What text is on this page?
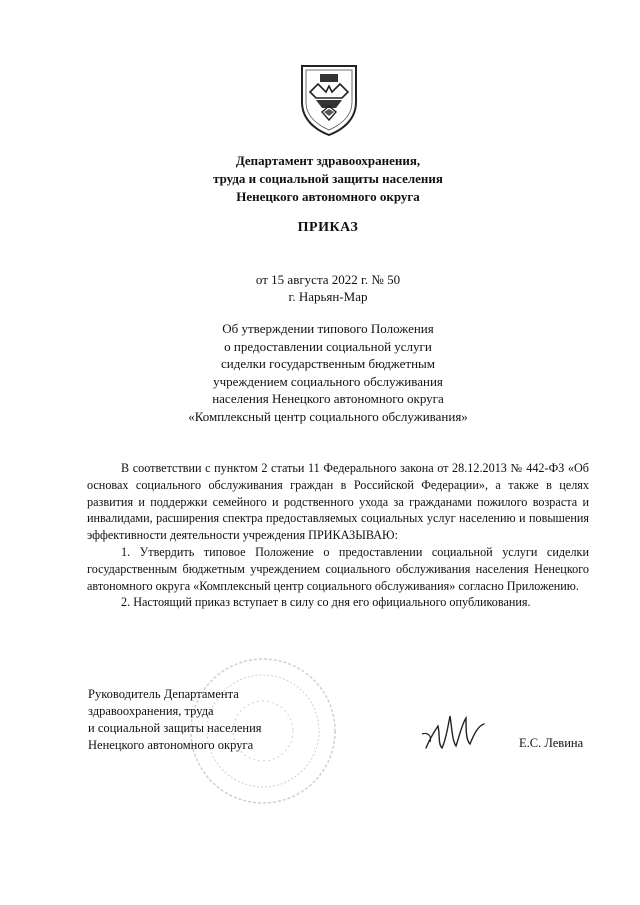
Департамент здравоохранения,
труда и социальной защиты населения
Ненецкого автономного округа
ПРИКАЗ
от 15 августа 2022 г. № 50
г. Нарьян-Мар
Об утверждении типового Положения
о предоставлении социальной услуги
сиделки государственным бюджетным
учреждением социального обслуживания
населения Ненецкого автономного округа
«Комплексный центр социального обслуживания»

В соответствии с пунктом 2 статьи 11 Федерального закона от 28.12.2013 № 442-ФЗ «Об основах социального обслуживания граждан в Российской Федерации», а также в целях развития и поддержки семейного и родственного ухода за гражданами пожилого возраста и инвалидами, расширения спектра предоставляемых социальных услуг населению и повышения эффективности деятельности учреждения ПРИКАЗЫВАЮ:

1. Утвердить типовое Положение о предоставлении социальной услуги сиделки государственным бюджетным учреждением социального обслуживания населения Ненецкого автономного округа «Комплексный центр социального обслуживания» согласно Приложению.

2. Настоящий приказ вступает в силу со дня его официального опубликования.

Руководитель Департамента
здравоохранения, труда
и социальной защиты населения
Ненецкого автономного округа	Е.С. Левина
